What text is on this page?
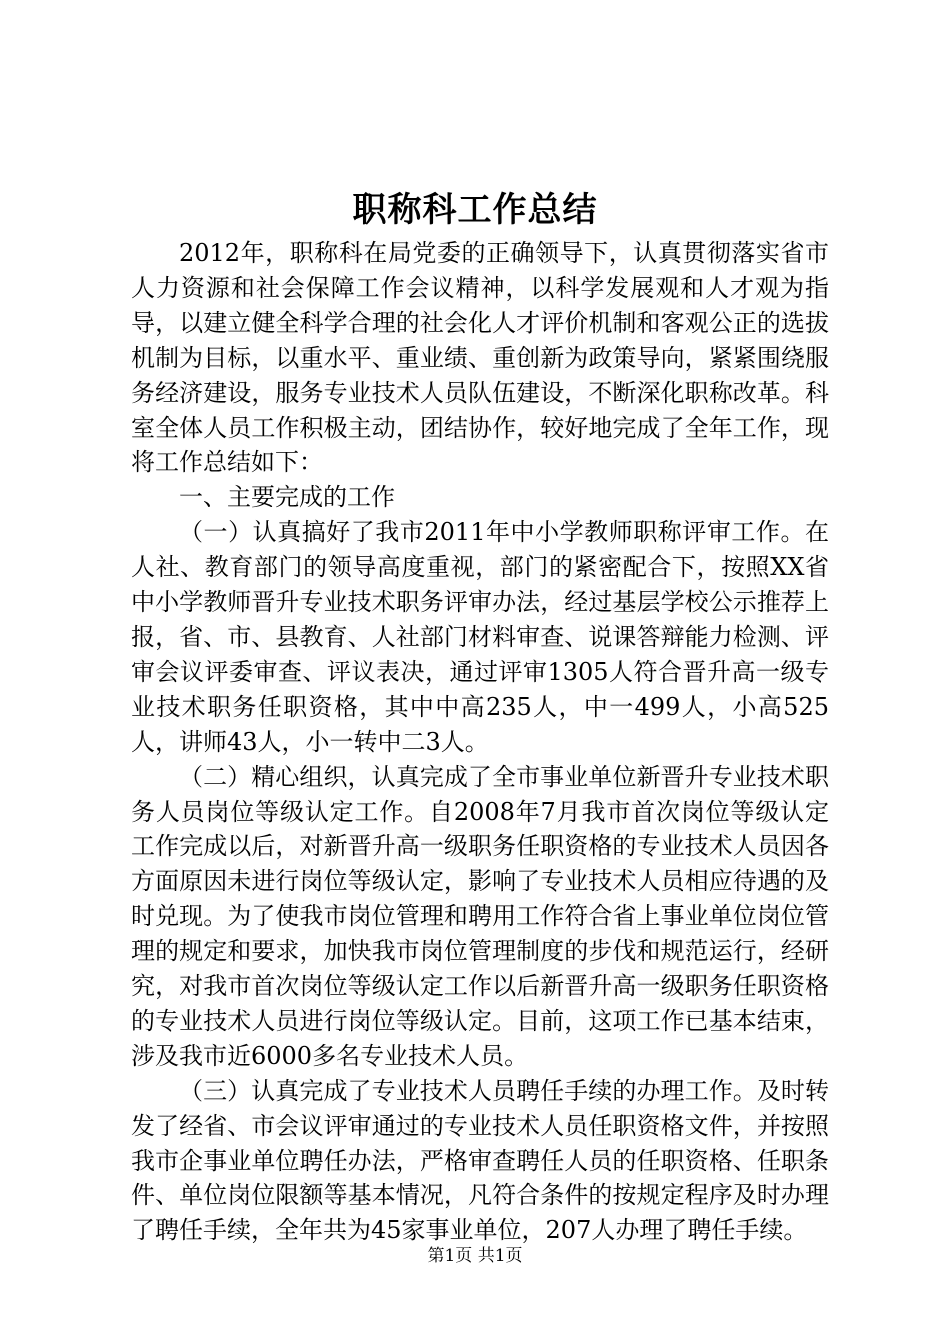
职称科工作总结

2012年，职称科在局党委的正确领导下，认真贯彻落实省市人力资源和社会保障工作会议精神，以科学发展观和人才观为指导，以建立健全科学合理的社会化人才评价机制和客观公正的选拔机制为目标，以重水平、重业绩、重创新为政策导向，紧紧围绕服务经济建设，服务专业技术人员队伍建设，不断深化职称改革。科室全体人员工作积极主动，团结协作，较好地完成了全年工作，现将工作总结如下：

一、主要完成的工作

（一）认真搞好了我市2011年中小学教师职称评审工作。在人社、教育部门的领导高度重视，部门的紧密配合下，按照XX省中小学教师晋升专业技术职务评审办法，经过基层学校公示推荐上报，省、市、县教育、人社部门材料审查、说课答辩能力检测、评审会议评委审查、评议表决，通过评审1305人符合晋升高一级专业技术职务任职资格，其中中高235人，中一499人，小高525人，讲师43人，小一转中二3人。

（二）精心组织，认真完成了全市事业单位新晋升专业技术职务人员岗位等级认定工作。自2008年7月我市首次岗位等级认定工作完成以后，对新晋升高一级职务任职资格的专业技术人员因各方面原因未进行岗位等级认定，影响了专业技术人员相应待遇的及时兑现。为了使我市岗位管理和聘用工作符合省上事业单位岗位管理的规定和要求，加快我市岗位管理制度的步伐和规范运行，经研究，对我市首次岗位等级认定工作以后新晋升高一级职务任职资格的专业技术人员进行岗位等级认定。目前，这项工作已基本结束，涉及我市近6000多名专业技术人员。

（三）认真完成了专业技术人员聘任手续的办理工作。及时转发了经省、市会议评审通过的专业技术人员任职资格文件，并按照我市企事业单位聘任办法，严格审查聘任人员的任职资格、任职条件、单位岗位限额等基本情况，凡符合条件的按规定程序及时办理了聘任手续，全年共为45家事业单位，207人办理了聘任手续。

第1页 共1页
